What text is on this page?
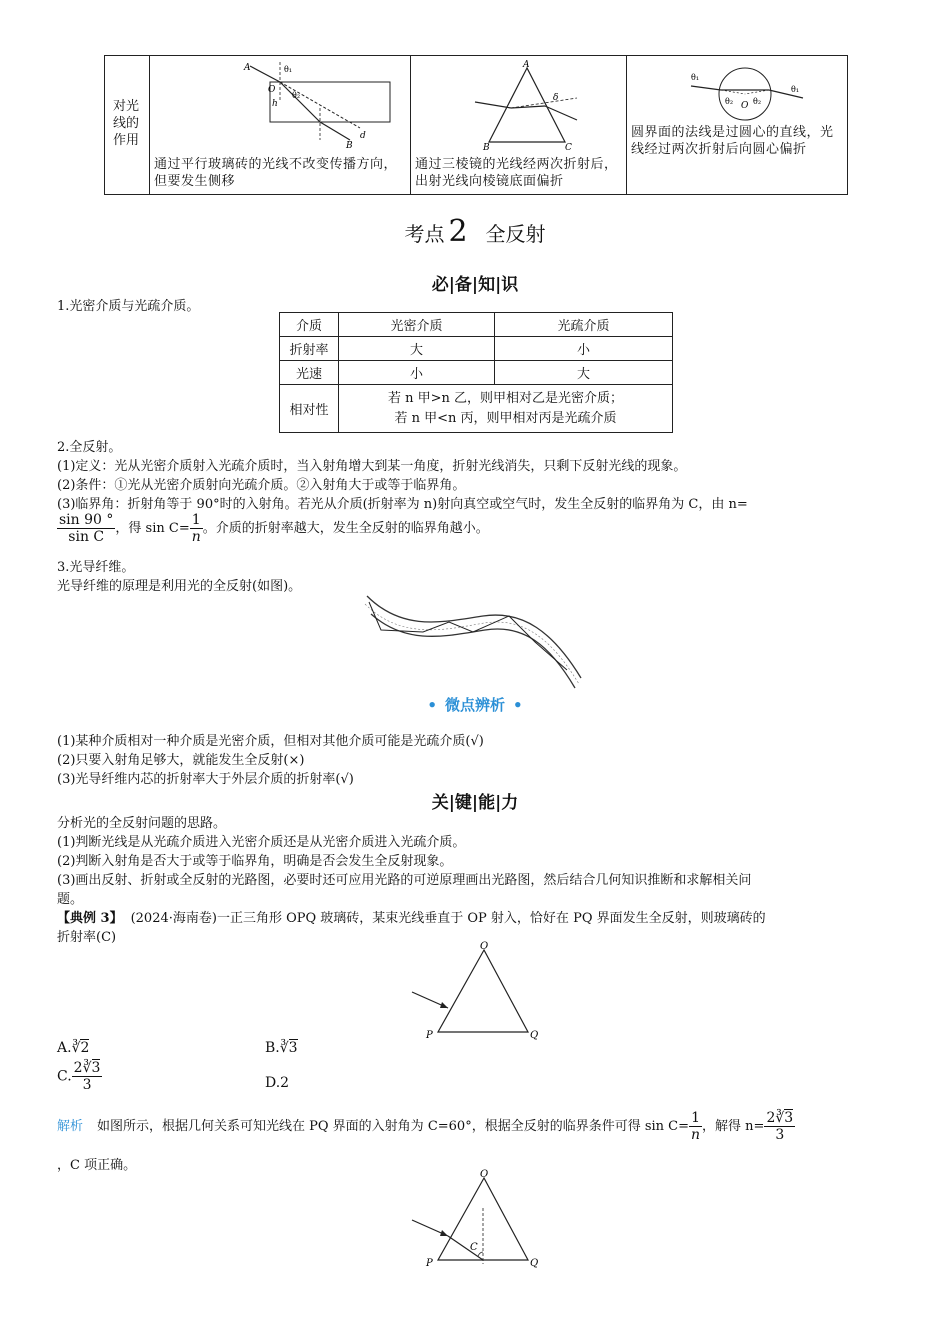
对光线的作用
A
O
B
h
d
θ₁
θ₂
通过平行玻璃砖的光线不改变传播方向，但要发生侧移
A
B	C
δ
通过三棱镜的光线经两次折射后，出射光线向棱镜底面偏折
O
θ₁
θ₂ θ₂
θ₁
圆界面的法线是过圆心的直线，光线经过两次折射后向圆心偏折
考点 2 全反射
必|备|知|识
1.光密介质与光疏介质。
介质	光密介质	光疏介质
折射率	大	小
光速	小	大
相对性	若 n 甲>n 乙，则甲相对乙是光密介质；
若 n 甲<n 丙，则甲相对丙是光疏介质	
2.全反射。
(1)定义：光从光密介质射入光疏介质时，当入射角增大到某一角度，折射光线消失，只剩下反射光线的现象。
(2)条件：①光从光密介质射向光疏介质。②入射角大于或等于临界角。
(3)临界角：折射角等于 90°时的入射角。若光从介质(折射率为 n)射向真空或空气时，发生全反射的临界角为 C，由 n=
$\frac{\sin 90 ^\circ}{\text{sin C}}$ ，得 $\sin C= \frac{1}{n}$ 。介质的折射率越大，发生全反射的临界角越小。
3.光导纤维。
光导纤维的原理是利用光的全反射(如图)。
• 微点辨析 •
(1)某种介质相对一种介质是光密介质，但相对其他介质可能是光疏介质(√)
(2)只要入射角足够大，就能发生全反射(×)
(3)光导纤维内芯的折射率大于外层介质的折射率(√)
关|键|能|力
分析光的全反射问题的思路。
(1)判断光线是从光疏介质进入光密介质还是从光密介质进入光疏介质。
(2)判断入射角是否大于或等于临界角，明确是否会发生全反射现象。
(3)画出反射、折射或全反射的光路图，必要时还可应用光路的可逆原理画出光路图，然后结合几何知识推断和求解相关问
题。
【典例 3】 (2024·海南卷)一正三角形 OPQ 玻璃砖，某束光线垂直于 OP 射入，恰好在 PQ 界面发生全反射，则玻璃砖的
折射率(C)
O
P	Q
A.∛2	B.∛3
C. $\frac{2∛3}{3}$	D.2
解析 如图所示，根据几何关系可知光线在 PQ 界面的入射角为 C=60°，根据全反射的临界条件可得 $\sin C= \frac{1}{n}$ ，解得 $n= \frac{2∛3}{3}$
，C 项正确。
O
P	Q
C
